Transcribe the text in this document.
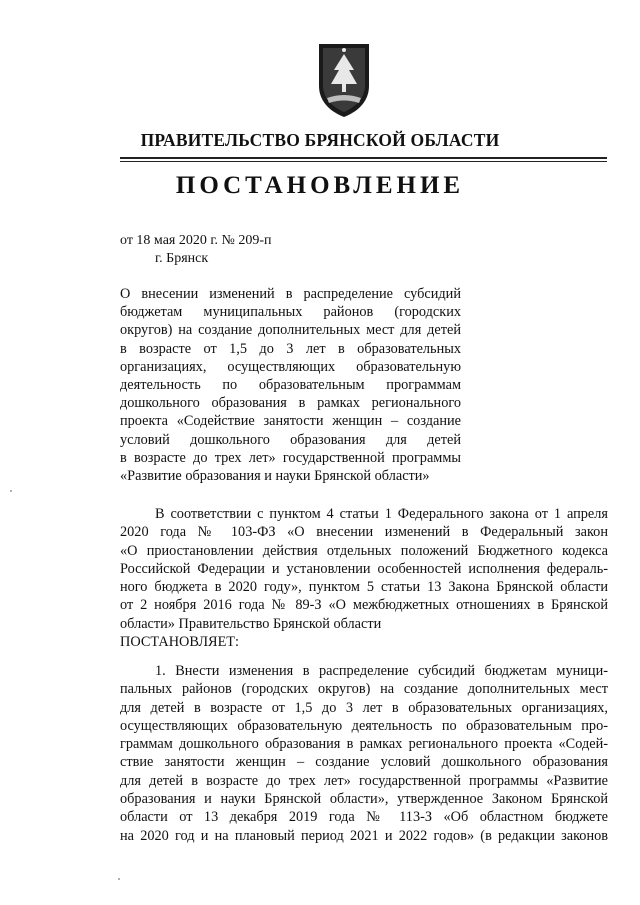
ПРАВИТЕЛЬСТВО БРЯНСКОЙ ОБЛАСТИ
ПОСТАНОВЛЕНИЕ
от 18 мая 2020 г. № 209-п
г. Брянск
О внесении изменений в распределение субсидий
бюджетам муниципальных районов (городских
округов) на создание дополнительных мест для детей
в возрасте от 1,5 до 3 лет в образовательных
организациях, осуществляющих образовательную
деятельность по образовательным программам
дошкольного образования в рамках регионального
проекта «Содействие занятости женщин – создание
условий дошкольного образования для детей
в возрасте до трех лет» государственной программы
«Развитие образования и науки Брянской области»
В соответствии с пунктом 4 статьи 1 Федерального закона от 1 апреля
2020 года № 103-ФЗ «О внесении изменений в Федеральный закон
«О приостановлении действия отдельных положений Бюджетного кодекса
Российской Федерации и установлении особенностей исполнения федераль-
ного бюджета в 2020 году», пунктом 5 статьи 13 Закона Брянской области
от 2 ноября 2016 года № 89-З «О межбюджетных отношениях в Брянской
области» Правительство Брянской области
ПОСТАНОВЛЯЕТ:
1. Внести изменения в распределение субсидий бюджетам муници-
пальных районов (городских округов) на создание дополнительных мест
для детей в возрасте от 1,5 до 3 лет в образовательных организациях,
осуществляющих образовательную деятельность по образовательным про-
граммам дошкольного образования в рамках регионального проекта «Содей-
ствие занятости женщин – создание условий дошкольного образования
для детей в возрасте до трех лет» государственной программы «Развитие
образования и науки Брянской области», утвержденное Законом Брянской
области от 13 декабря 2019 года № 113-З «Об областном бюджете
на 2020 год и на плановый период 2021 и 2022 годов» (в редакции законов
